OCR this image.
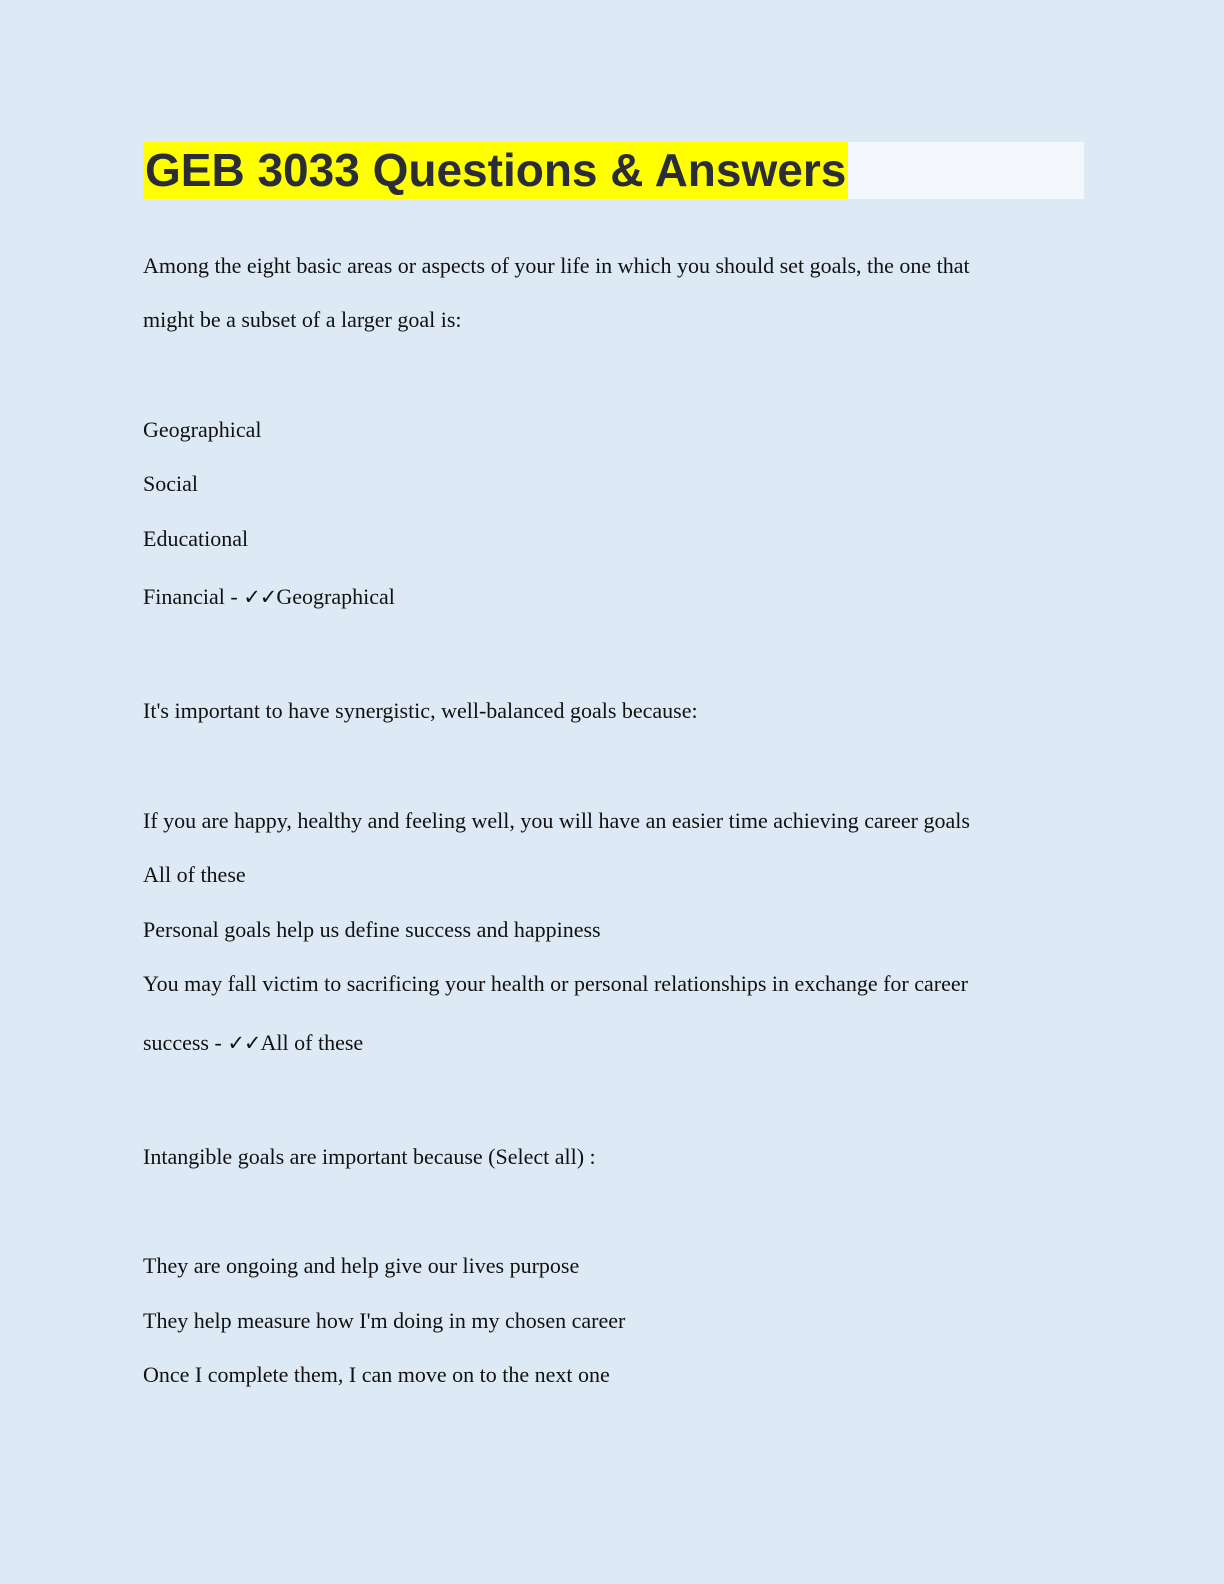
GEB 3033 Questions & Answers

Among the eight basic areas or aspects of your life in which you should set goals, the one that

might be a subset of a larger goal is:

Geographical

Social

Educational

Financial - ✓✓Geographical

It's important to have synergistic, well-balanced goals because:

If you are happy, healthy and feeling well, you will have an easier time achieving career goals

All of these

Personal goals help us define success and happiness

You may fall victim to sacrificing your health or personal relationships in exchange for career

success - ✓✓All of these

Intangible goals are important because (Select all) :

They are ongoing and help give our lives purpose

They help measure how I'm doing in my chosen career

Once I complete them, I can move on to the next one
